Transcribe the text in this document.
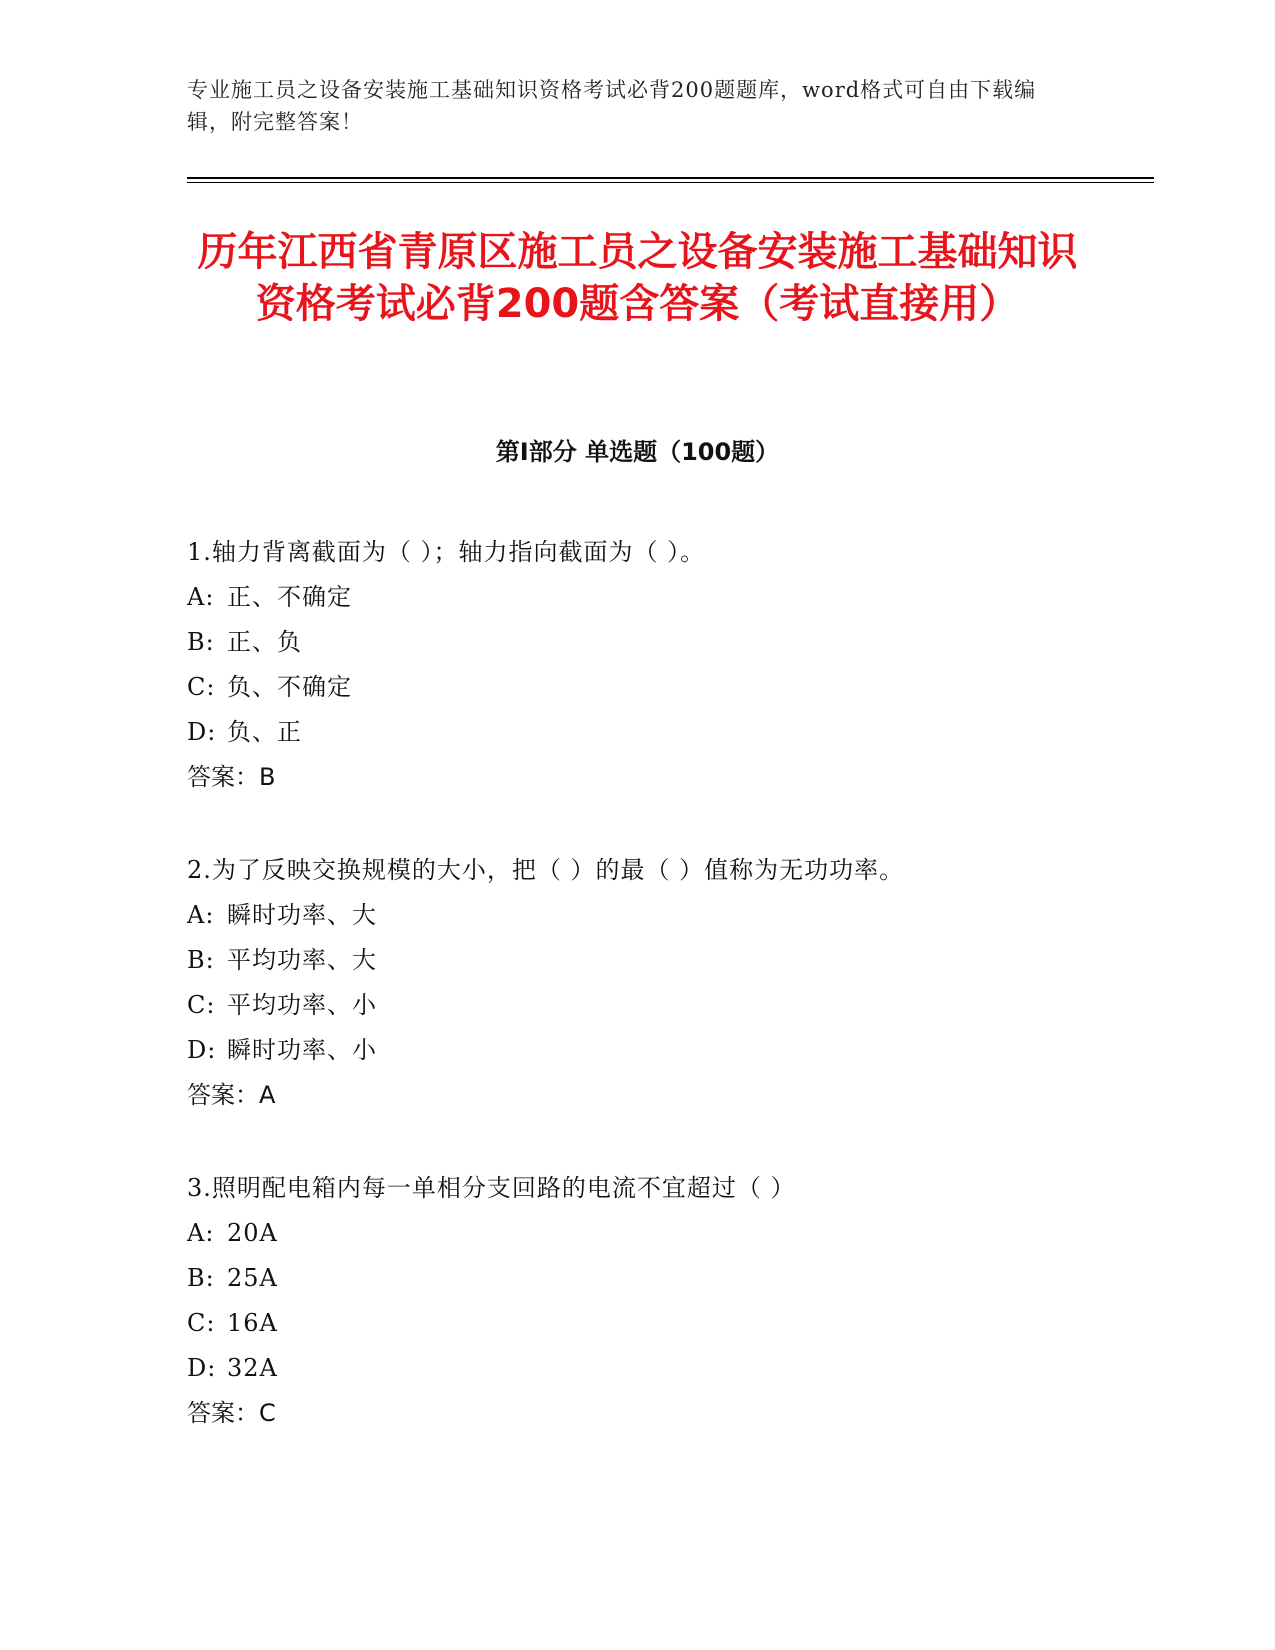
专业施工员之设备安装施工基础知识资格考试必背200题题库，word格式可自由下载编辑，附完整答案！
历年江西省青原区施工员之设备安装施工基础知识资格考试必背200题含答案（考试直接用）
第Ⅰ部分 单选题（100题）
1.轴力背离截面为（ ）；轴力指向截面为（ ）。
A: 正、不确定
B: 正、负
C: 负、不确定
D: 负、正
答案：B
2.为了反映交换规模的大小，把（ ）的最（ ）值称为无功功率。
A: 瞬时功率、大
B: 平均功率、大
C: 平均功率、小
D: 瞬时功率、小
答案：A
3.照明配电箱内每一单相分支回路的电流不宜超过（ ）
A: 20A
B: 25A
C: 16A
D: 32A
答案：C
